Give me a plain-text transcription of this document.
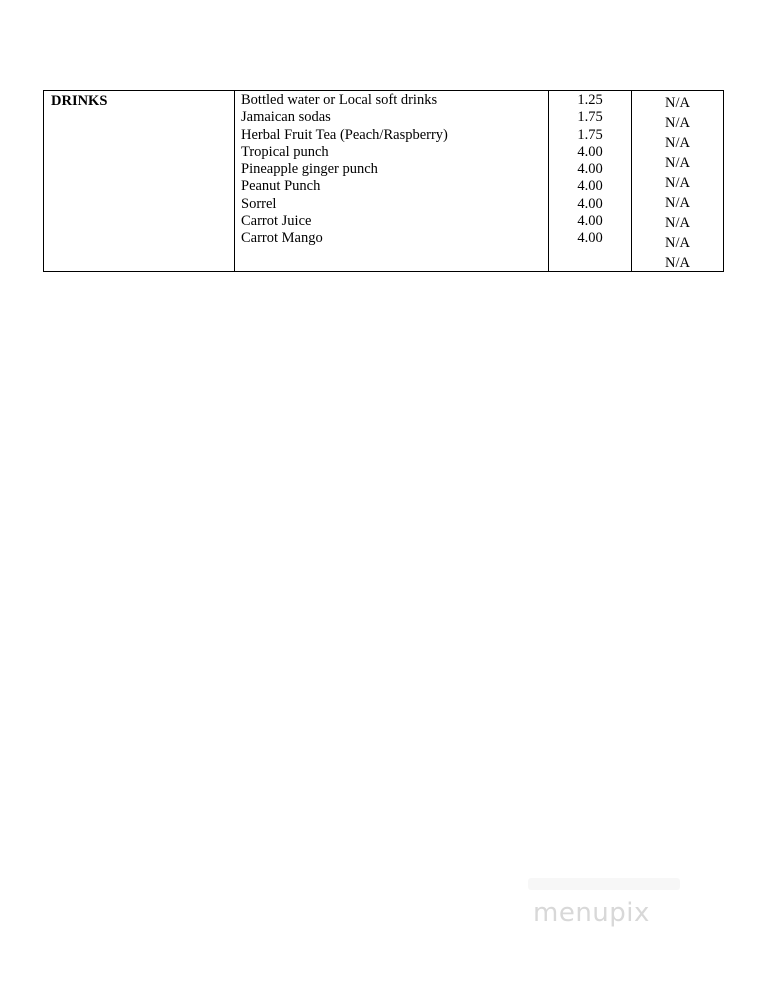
DRINKS	Bottled water or Local soft drinks
Jamaican sodas
Herbal Fruit Tea (Peach/Raspberry)
Tropical punch
Pineapple ginger punch
Peanut Punch
Sorrel
Carrot Juice
Carrot Mango
1.25
1.75
1.75
4.00
4.00
4.00
4.00
4.00
4.00
N/A
N/A
N/A
N/A
N/A
N/A
N/A
N/A
N/A
menupix
